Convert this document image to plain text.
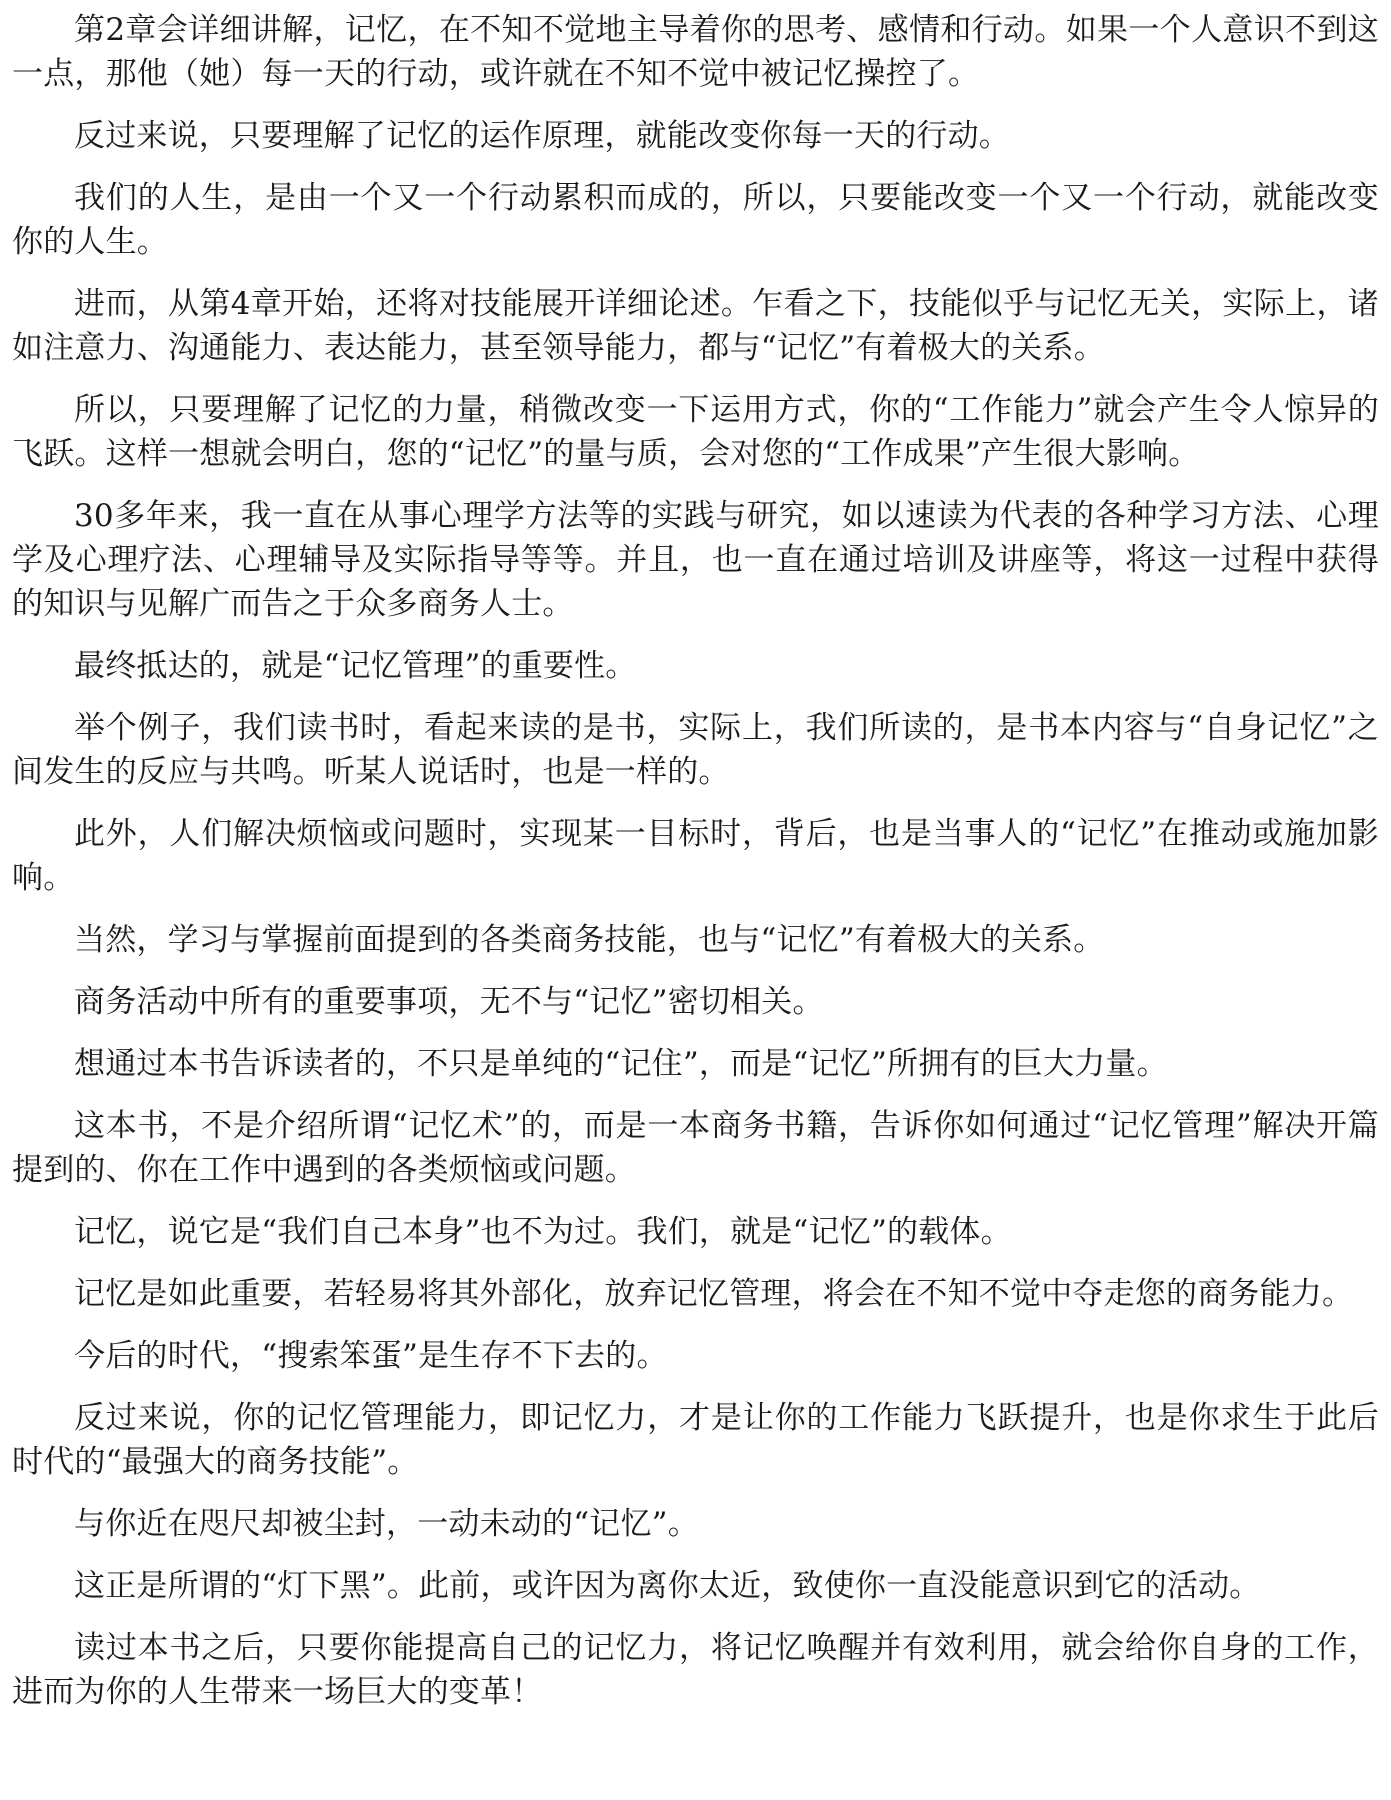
第2章会详细讲解，记忆，在不知不觉地主导着你的思考、感情和行动。如果一个人意识不到这一点，那他（她）每一天的行动，或许就在不知不觉中被记忆操控了。

反过来说，只要理解了记忆的运作原理，就能改变你每一天的行动。

我们的人生，是由一个又一个行动累积而成的，所以，只要能改变一个又一个行动，就能改变你的人生。

进而，从第4章开始，还将对技能展开详细论述。乍看之下，技能似乎与记忆无关，实际上，诸如注意力、沟通能力、表达能力，甚至领导能力，都与“记忆”有着极大的关系。

所以，只要理解了记忆的力量，稍微改变一下运用方式，你的“工作能力”就会产生令人惊异的飞跃。这样一想就会明白，您的“记忆”的量与质，会对您的“工作成果”产生很大影响。

30多年来，我一直在从事心理学方法等的实践与研究，如以速读为代表的各种学习方法、心理学及心理疗法、心理辅导及实际指导等等。并且，也一直在通过培训及讲座等，将这一过程中获得的知识与见解广而告之于众多商务人士。

最终抵达的，就是“记忆管理”的重要性。

举个例子，我们读书时，看起来读的是书，实际上，我们所读的，是书本内容与“自身记忆”之间发生的反应与共鸣。听某人说话时，也是一样的。

此外，人们解决烦恼或问题时，实现某一目标时，背后，也是当事人的“记忆”在推动或施加影响。

当然，学习与掌握前面提到的各类商务技能，也与“记忆”有着极大的关系。

商务活动中所有的重要事项，无不与“记忆”密切相关。

想通过本书告诉读者的，不只是单纯的“记住”，而是“记忆”所拥有的巨大力量。

这本书，不是介绍所谓“记忆术”的，而是一本商务书籍，告诉你如何通过“记忆管理”解决开篇提到的、你在工作中遇到的各类烦恼或问题。

记忆，说它是“我们自己本身”也不为过。我们，就是“记忆”的载体。

记忆是如此重要，若轻易将其外部化，放弃记忆管理，将会在不知不觉中夺走您的商务能力。

今后的时代，“搜索笨蛋”是生存不下去的。

反过来说，你的记忆管理能力，即记忆力，才是让你的工作能力飞跃提升，也是你求生于此后时代的“最强大的商务技能”。

与你近在咫尺却被尘封，一动未动的“记忆”。

这正是所谓的“灯下黑”。此前，或许因为离你太近，致使你一直没能意识到它的活动。

读过本书之后，只要你能提高自己的记忆力，将记忆唤醒并有效利用，就会给你自身的工作，进而为你的人生带来一场巨大的变革！
